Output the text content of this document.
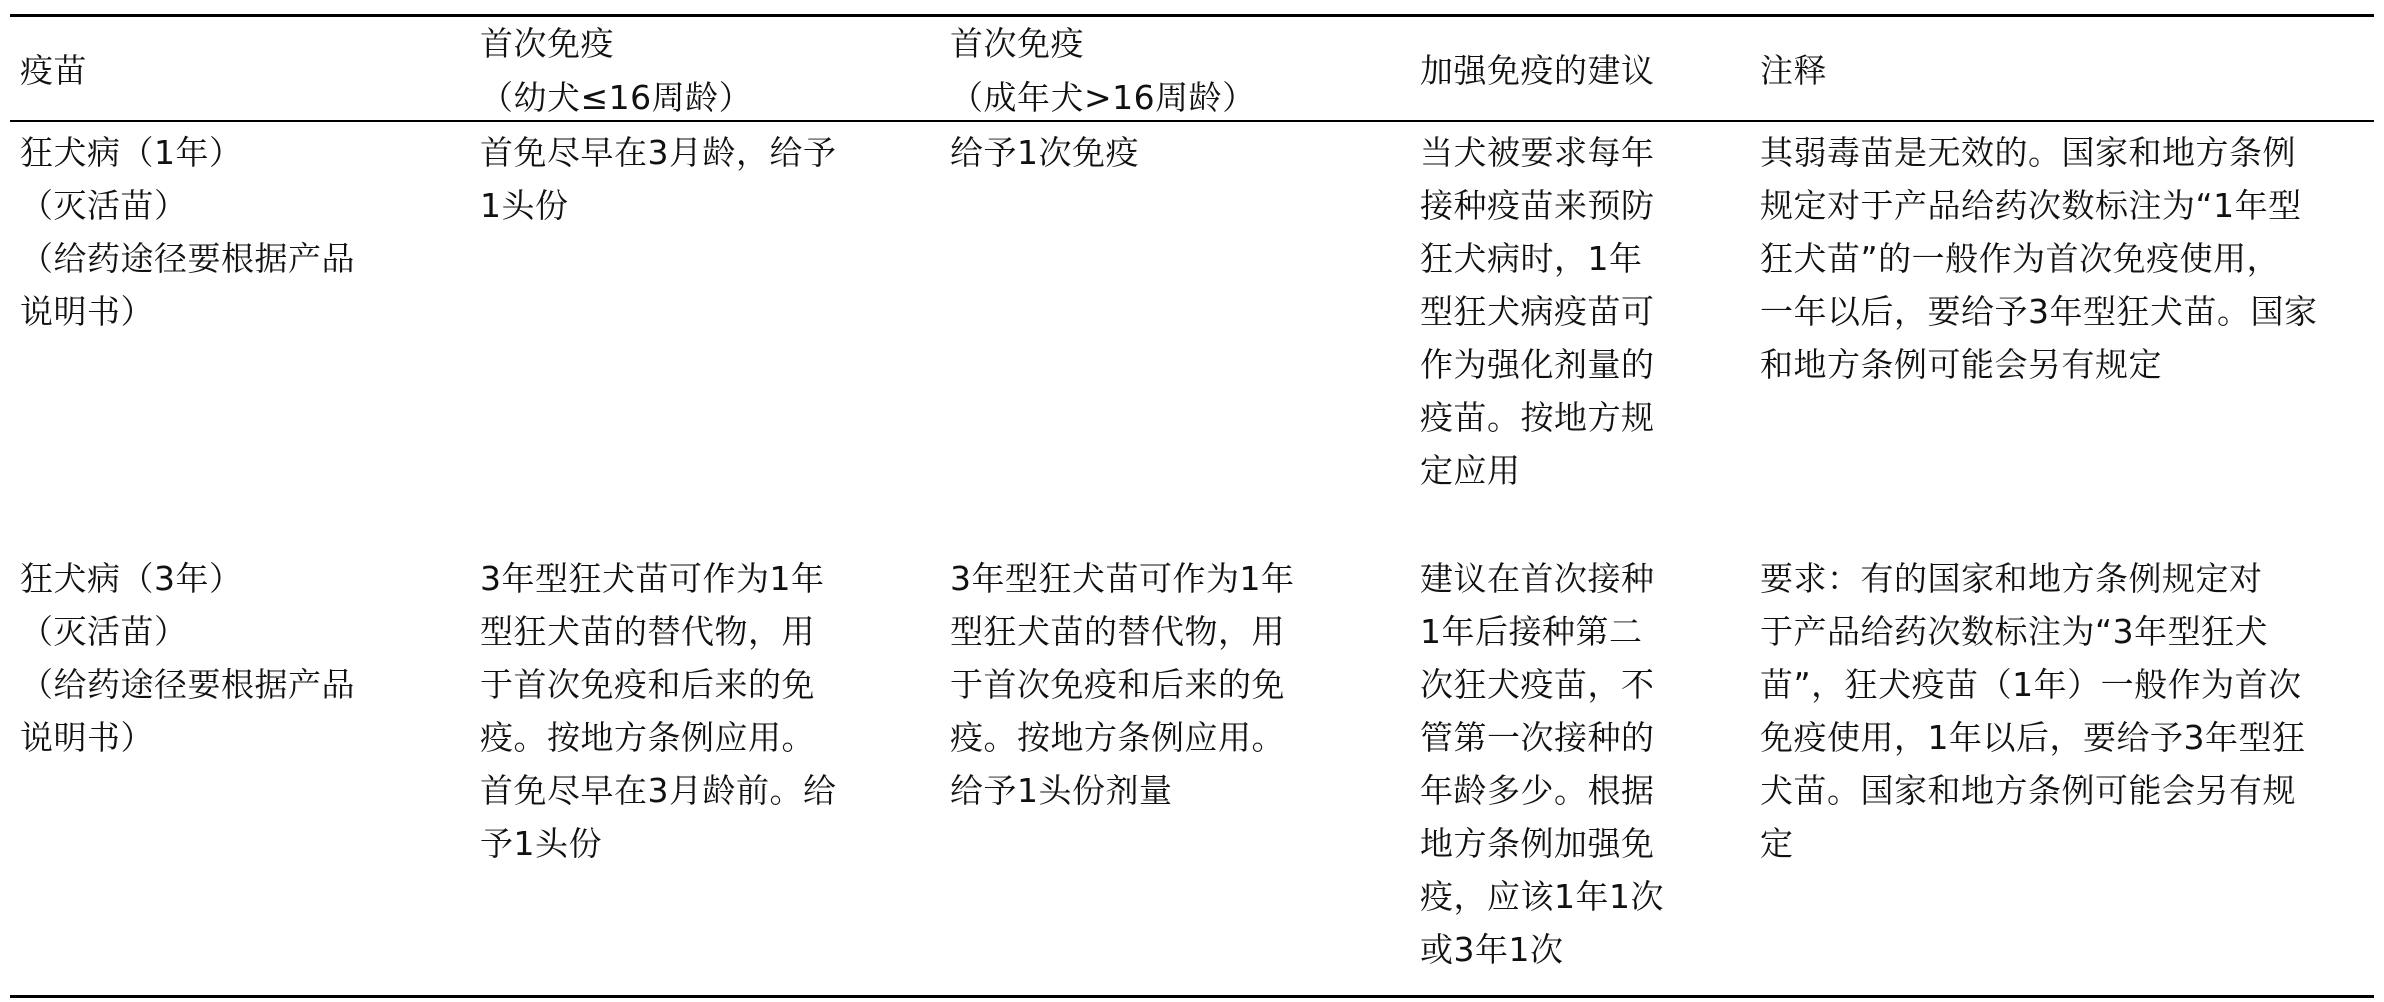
疫苗
首次免疫
（幼犬≤16周龄）
首次免疫
（成年犬>16周龄）
加强免疫的建议	注释
狂犬病（1年）
（灭活苗）
（给药途径要根据产品
说明书）
首免尽早在3月龄，给予
1头份
给予1次免疫	当犬被要求每年
接种疫苗来预防
狂犬病时，1年
型狂犬病疫苗可
作为强化剂量的
疫苗。按地方规
定应用
其弱毒苗是无效的。国家和地方条例
规定对于产品给药次数标注为“1年型
狂犬苗”的一般作为首次免疫使用，
一年以后，要给予3年型狂犬苗。国家
和地方条例可能会另有规定
狂犬病（3年）
（灭活苗）
（给药途径要根据产品
说明书）
3年型狂犬苗可作为1年
型狂犬苗的替代物，用
于首次免疫和后来的免
疫。按地方条例应用。
首免尽早在3月龄前。给
予1头份
3年型狂犬苗可作为1年
型狂犬苗的替代物，用
于首次免疫和后来的免
疫。按地方条例应用。
给予1头份剂量
建议在首次接种
1年后接种第二
次狂犬疫苗，不
管第一次接种的
年龄多少。根据
地方条例加强免
疫，应该1年1次
或3年1次
要求：有的国家和地方条例规定对
于产品给药次数标注为“3年型狂犬
苗”，狂犬疫苗（1年）一般作为首次
免疫使用，1年以后，要给予3年型狂
犬苗。国家和地方条例可能会另有规
定
